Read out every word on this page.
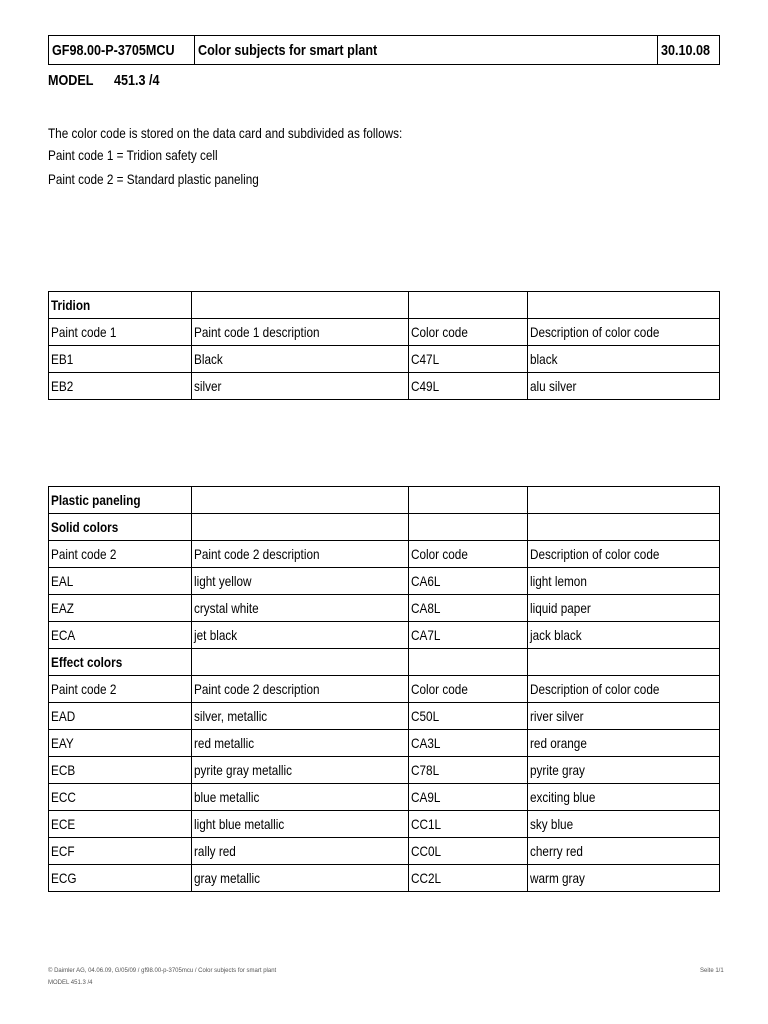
GF98.00-P-3705MCU	Color subjects for smart plant	30.10.08
MODEL	451.3 /4
The color code is stored on the data card and subdivided as follows:
Paint code 1 = Tridion safety cell
Paint code 2 = Standard plastic paneling
Tridion			
Paint code 1	Paint code 1 description	Color code	Description of color code
EB1	Black	C47L	black
EB2	silver	C49L	alu silver
Plastic paneling			
Solid colors			
Paint code 2	Paint code 2 description	Color code	Description of color code
EAL	light yellow	CA6L	light lemon
EAZ	crystal white	CA8L	liquid paper
ECA	jet black	CA7L	jack black
Effect colors			
Paint code 2	Paint code 2 description	Color code	Description of color code
EAD	silver, metallic	C50L	river silver
EAY	red metallic	CA3L	red orange
ECB	pyrite gray metallic	C78L	pyrite gray
ECC	blue metallic	CA9L	exciting blue
ECE	light blue metallic	CC1L	sky blue
ECF	rally red	CC0L	cherry red
ECG	gray metallic	CC2L	warm gray
© Daimler AG, 04.06.09, G/05/09 / gf98.00-p-3705mcu / Color subjects for smart plant
MODEL 451.3 /4
Seite 1/1
